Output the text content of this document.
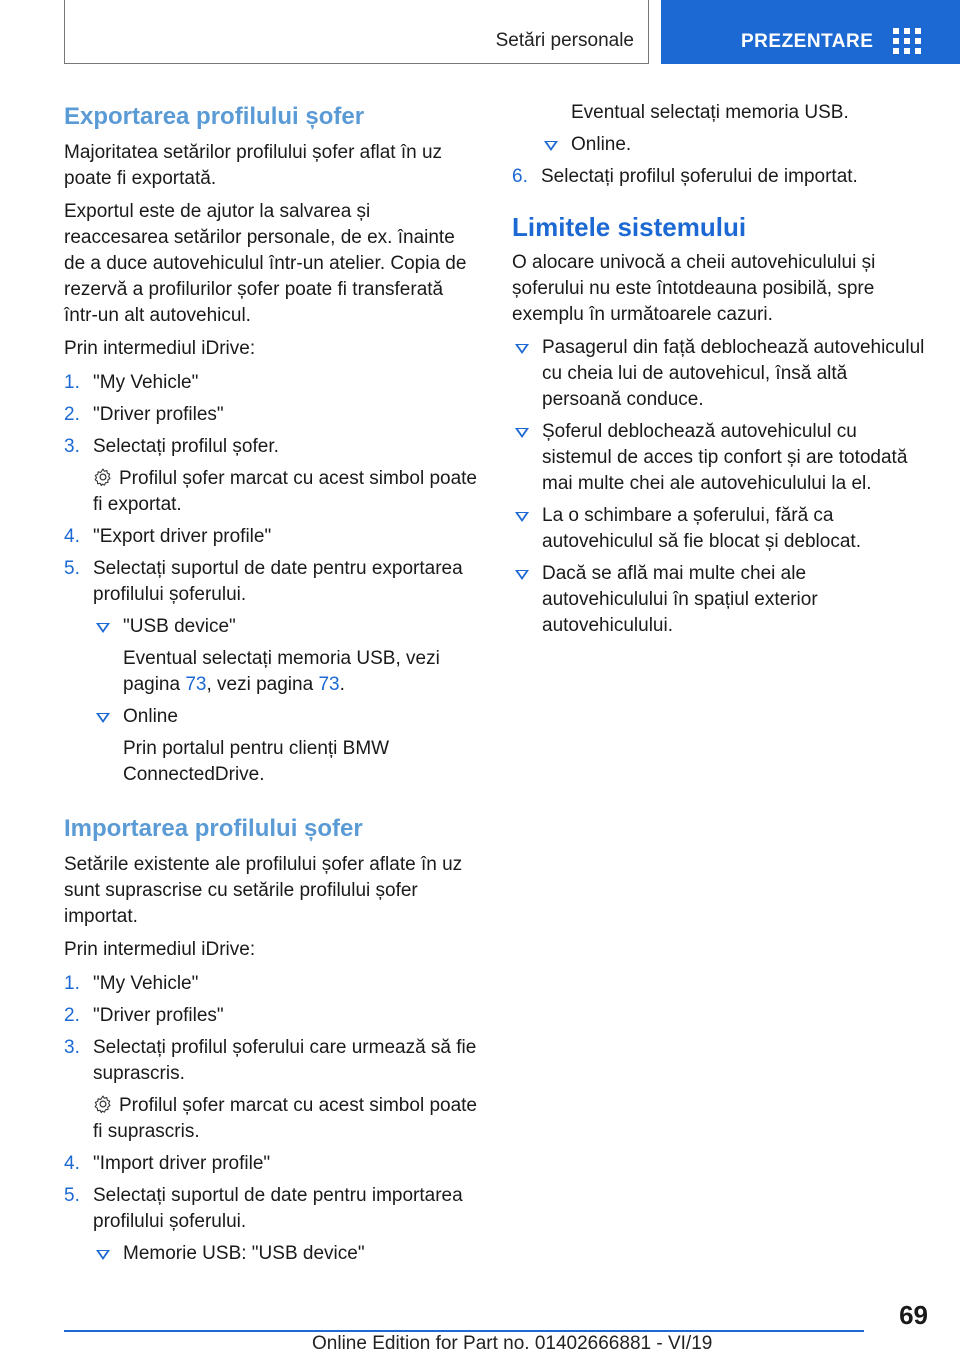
Setări personale	PREZENTARE
Exportarea profilului șofer

Majoritatea setărilor profilului șofer aflat în uz poate fi exportată.

Exportul este de ajutor la salvarea și reaccesarea setărilor personale, de ex. înainte de a duce autovehiculul într-un atelier. Copia de rezervă a profilurilor șofer poate fi transferată într-un alt autovehicul.

Prin intermediul iDrive:

1. "My Vehicle"
2. "Driver profiles"
3. Selectați profilul șofer.
Profilul șofer marcat cu acest simbol poate fi exportat.
4. "Export driver profile"
5. Selectați suportul de date pentru exportarea profilului șoferului.
"USB device"
Eventual selectați memoria USB, vezi pagina 73, vezi pagina 73.
Online
Prin portalul pentru clienți BMW ConnectedDrive.
Importarea profilului șofer

Setările existente ale profilului șofer aflate în uz sunt suprascrise cu setările profilului șofer importat.

Prin intermediul iDrive:

1. "My Vehicle"
2. "Driver profiles"
3. Selectați profilul șoferului care urmează să fie suprascris.
Profilul șofer marcat cu acest simbol poate fi suprascris.
4. "Import driver profile"
5. Selectați suportul de date pentru importarea profilului șoferului.
Memorie USB: "USB device"
Eventual selectați memoria USB.
Online.
6. Selectați profilul șoferului de importat.
Limitele sistemului

O alocare univocă a cheii autovehiculului și șoferului nu este întotdeauna posibilă, spre exemplu în următoarele cazuri.

Pasagerul din față deblochează autovehiculul cu cheia lui de autovehicul, însă altă persoană conduce.
Șoferul deblochează autovehiculul cu sistemul de acces tip confort și are totodată mai multe chei ale autovehiculului la el.
La o schimbare a șoferului, fără ca autovehiculul să fie blocat și deblocat.
Dacă se află mai multe chei ale autovehiculului în spațiul exterior autovehiculului.
69
Online Edition for Part no. 01402666881 - VI/19
